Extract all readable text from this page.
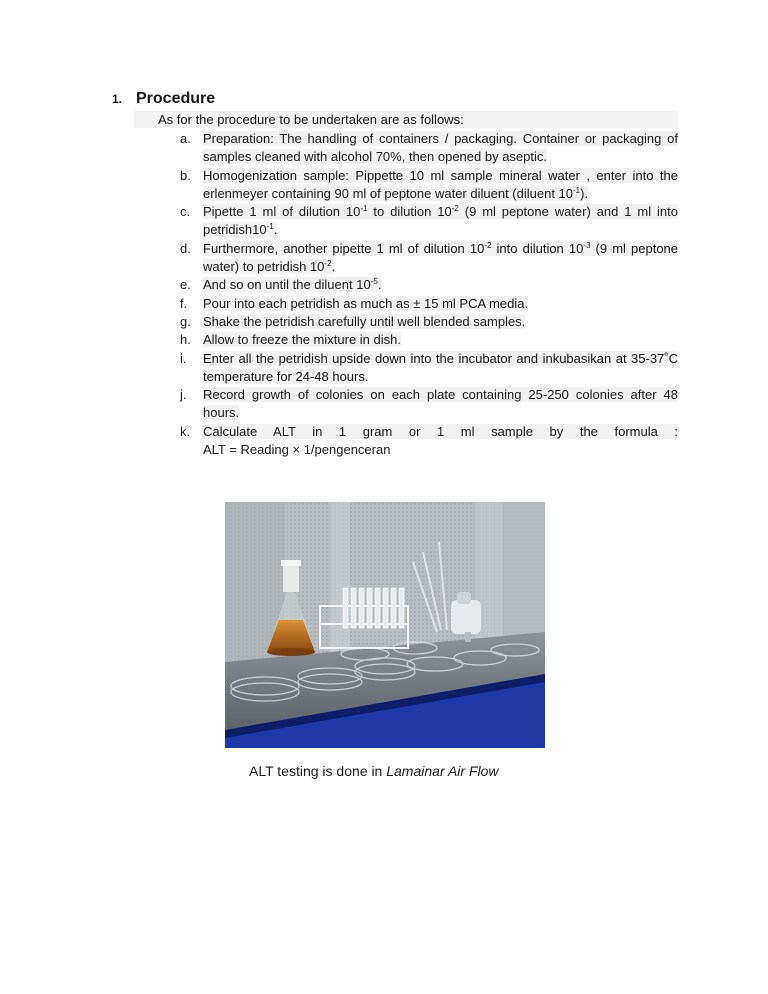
1. Procedure
As for the procedure to be undertaken are as follows:
a. Preparation: The handling of containers / packaging. Container or packaging of samples cleaned with alcohol 70%, then opened by aseptic.
b. Homogenization sample: Pippette 10 ml sample mineral water , enter into the erlenmeyer containing 90 ml of peptone water diluent (diluent $10^{-1}$).
c. Pipette 1 ml of dilution $10^{-1}$ to dilution $10^{-2}$ (9 ml peptone water) and 1 ml into $petridish10^{-1}$.
d. Furthermore, another pipette 1 ml of dilution $10^{-2}$ into dilution $10^{-3}$ (9 ml peptone water) to petridish $10^{-2}$.
e. And so on until the diluent $10^{-5}$.
f.	Pour into each petridish as much as ± 15 ml PCA media.
g. Shake the petridish carefully until well blended samples.
h. Allow to freeze the mixture in dish.
i.	Enter all the petridish upside down into the incubator and inkubasikan at 35-37˚C temperature for 24-48 hours.
j.	Record growth of colonies on each plate containing 25-250 colonies after 48 hours.
k. Calculate ALT in 1 gram or 1 ml sample by the formula :
ALT = Reading × 1/pengenceran
ALT testing is done in Lamainar Air Flow
